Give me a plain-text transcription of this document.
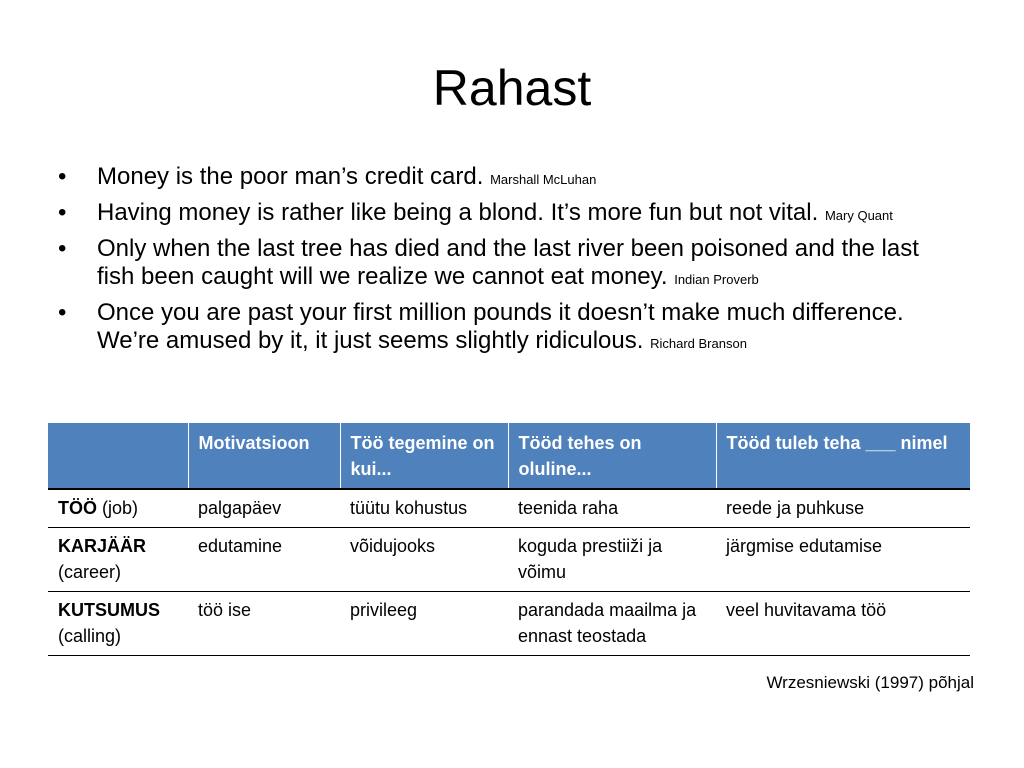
Rahast
• Money is the poor man’s credit card. Marshall McLuhan
• Having money is rather like being a blond. It’s more fun but not vital. Mary Quant
• Only when the last tree has died and the last river been poisoned and the last fish been caught will we realize we cannot eat money. Indian Proverb
• Once you are past your first million pounds it doesn’t make much difference. We’re amused by it, it just seems slightly ridiculous. Richard Branson
	Motivatsioon	Töö tegemine on kui...	Tööd tehes on oluline...	Tööd tuleb teha ___ nimel
TÖÖ (job)	palgapäev	tüütu kohustus	teenida raha	reede ja puhkuse
KARJÄÄR
(career)	edutamine	võidujooks	koguda prestiiži ja võimu	järgmise edutamise
KUTSUMUS
(calling)	töö ise	privileeg	parandada maailma ja ennast teostada	veel huvitavama töö
Wrzesniewski (1997) põhjal
